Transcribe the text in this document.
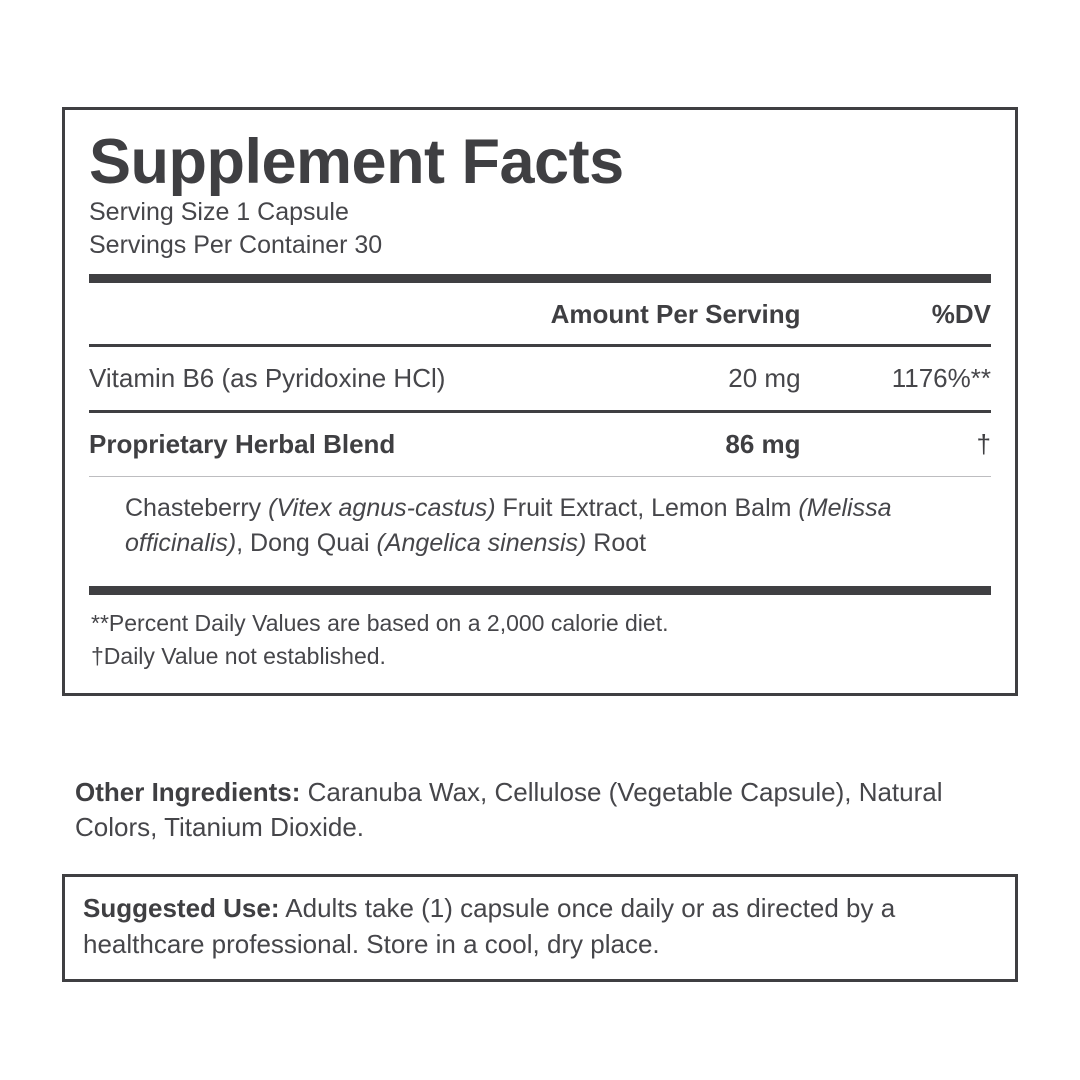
Supplement Facts
Serving Size 1 Capsule
Servings Per Container 30
	Amount Per Serving	%DV
Vitamin B6 (as Pyridoxine HCl)	20 mg	1176%**
Proprietary Herbal Blend	86 mg	†
Chasteberry (Vitex agnus-castus) Fruit Extract, Lemon Balm (Melissa officinalis), Dong Quai (Angelica sinensis) Root
**Percent Daily Values are based on a 2,000 calorie diet.
†Daily Value not established.
Other Ingredients: Caranuba Wax, Cellulose (Vegetable Capsule), Natural Colors, Titanium Dioxide.
Suggested Use: Adults take (1) capsule once daily or as directed by a healthcare professional. Store in a cool, dry place.
